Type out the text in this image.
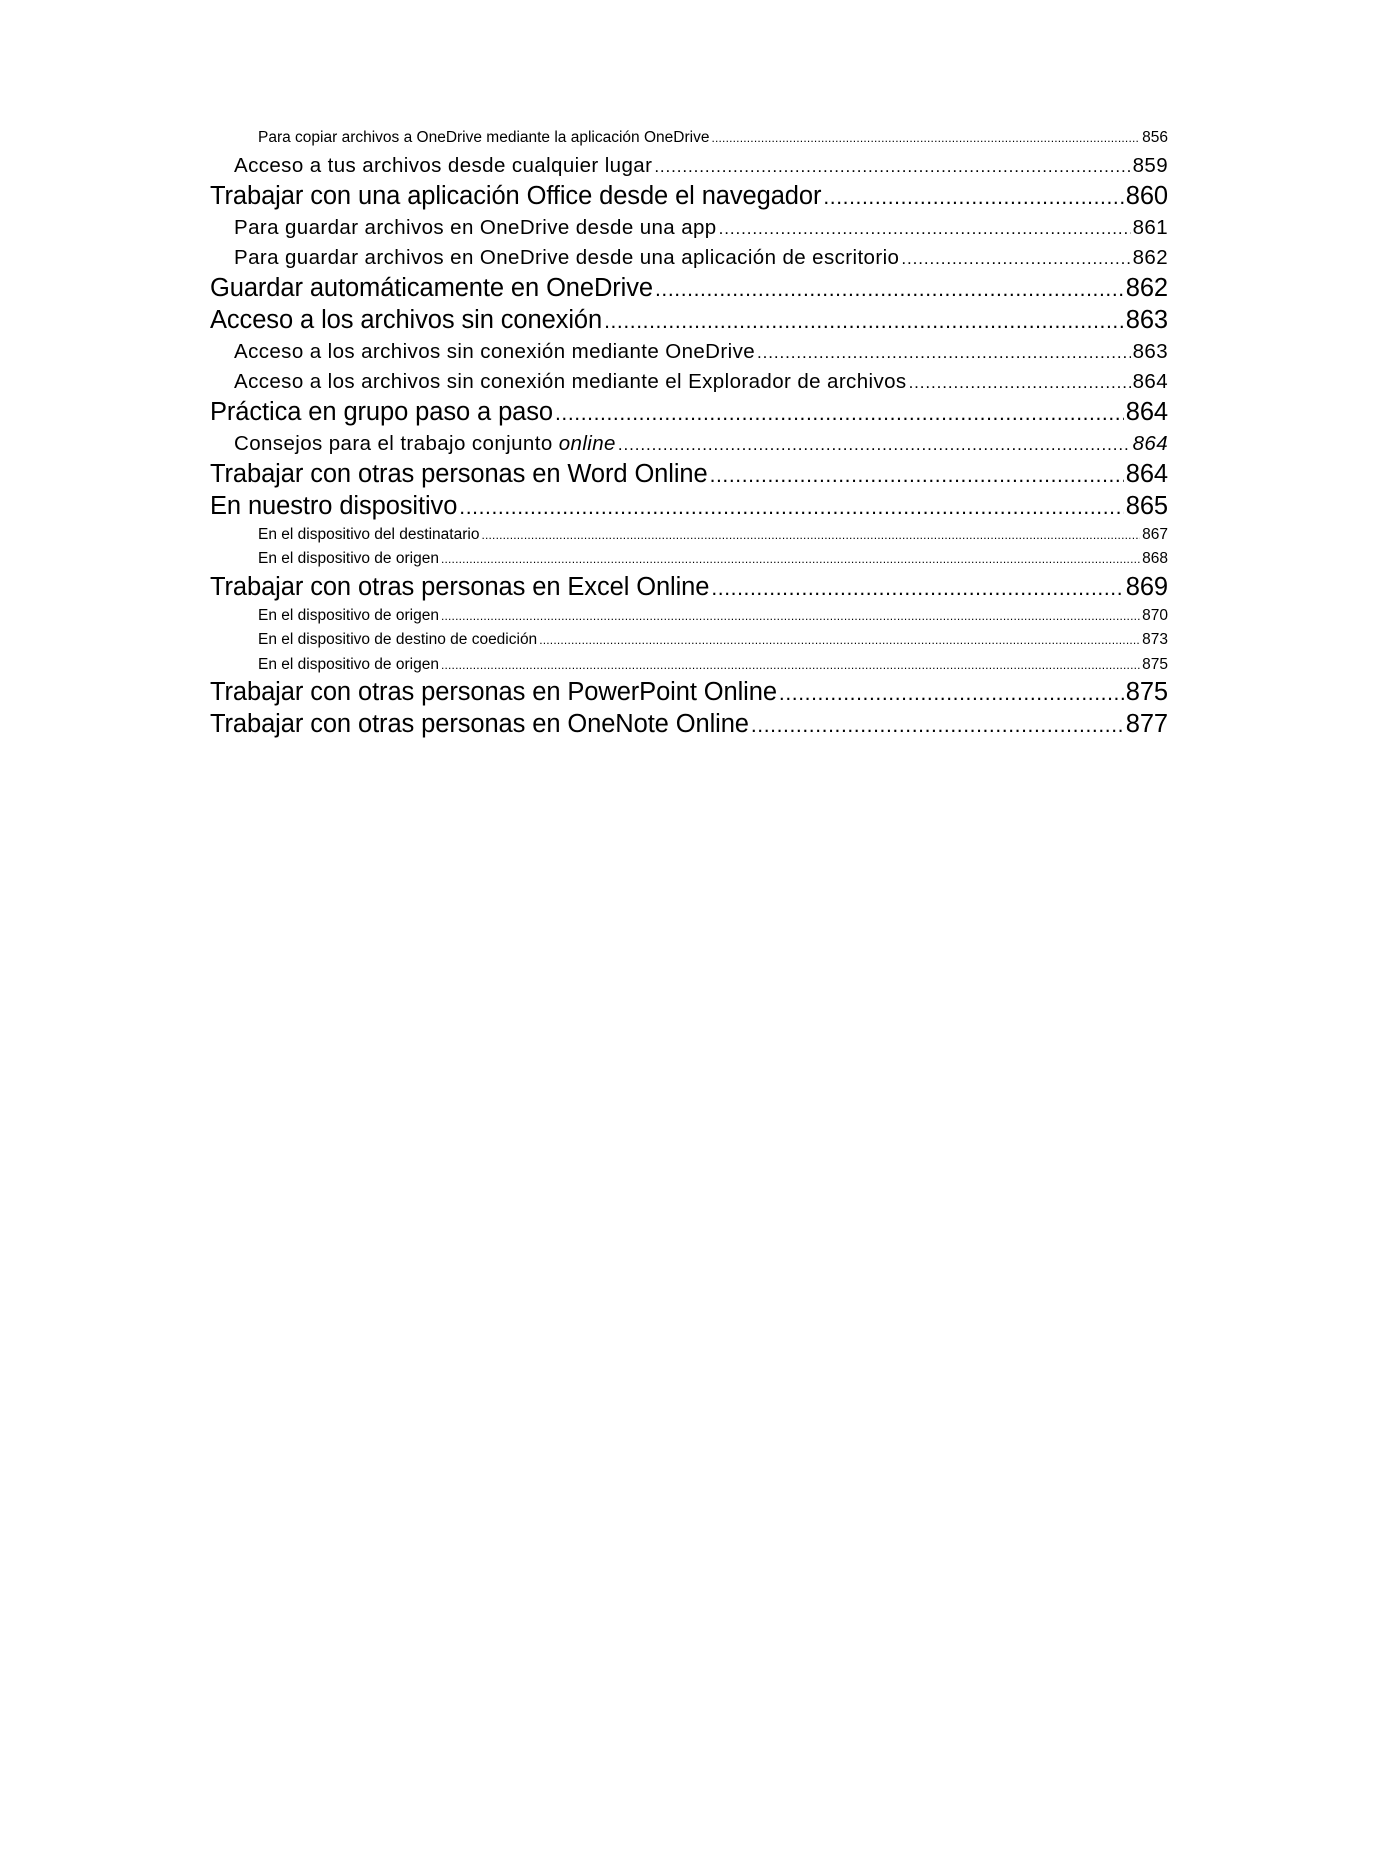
Para copiar archivos a OneDrive mediante la aplicación OneDrive .....	856
Acceso a tus archivos desde cualquier lugar .....	859
Trabajar con una aplicación Office desde el navegador .....	860
Para guardar archivos en OneDrive desde una app .....	861
Para guardar archivos en OneDrive desde una aplicación de escritorio .....	862
Guardar automáticamente en OneDrive .....	862
Acceso a los archivos sin conexión .....	863
Acceso a los archivos sin conexión mediante OneDrive .....	863
Acceso a los archivos sin conexión mediante el Explorador de archivos .....	864
Práctica en grupo paso a paso .....	864
Consejos para el trabajo conjunto online .....	864
Trabajar con otras personas en Word Online .....	864
En nuestro dispositivo .....	865
En el dispositivo del destinatario .....	867
En el dispositivo de origen .....	868
Trabajar con otras personas en Excel Online .....	869
En el dispositivo de origen .....	870
En el dispositivo de destino de coedición .....	873
En el dispositivo de origen .....	875
Trabajar con otras personas en PowerPoint Online .....	875
Trabajar con otras personas en OneNote Online .....	877
